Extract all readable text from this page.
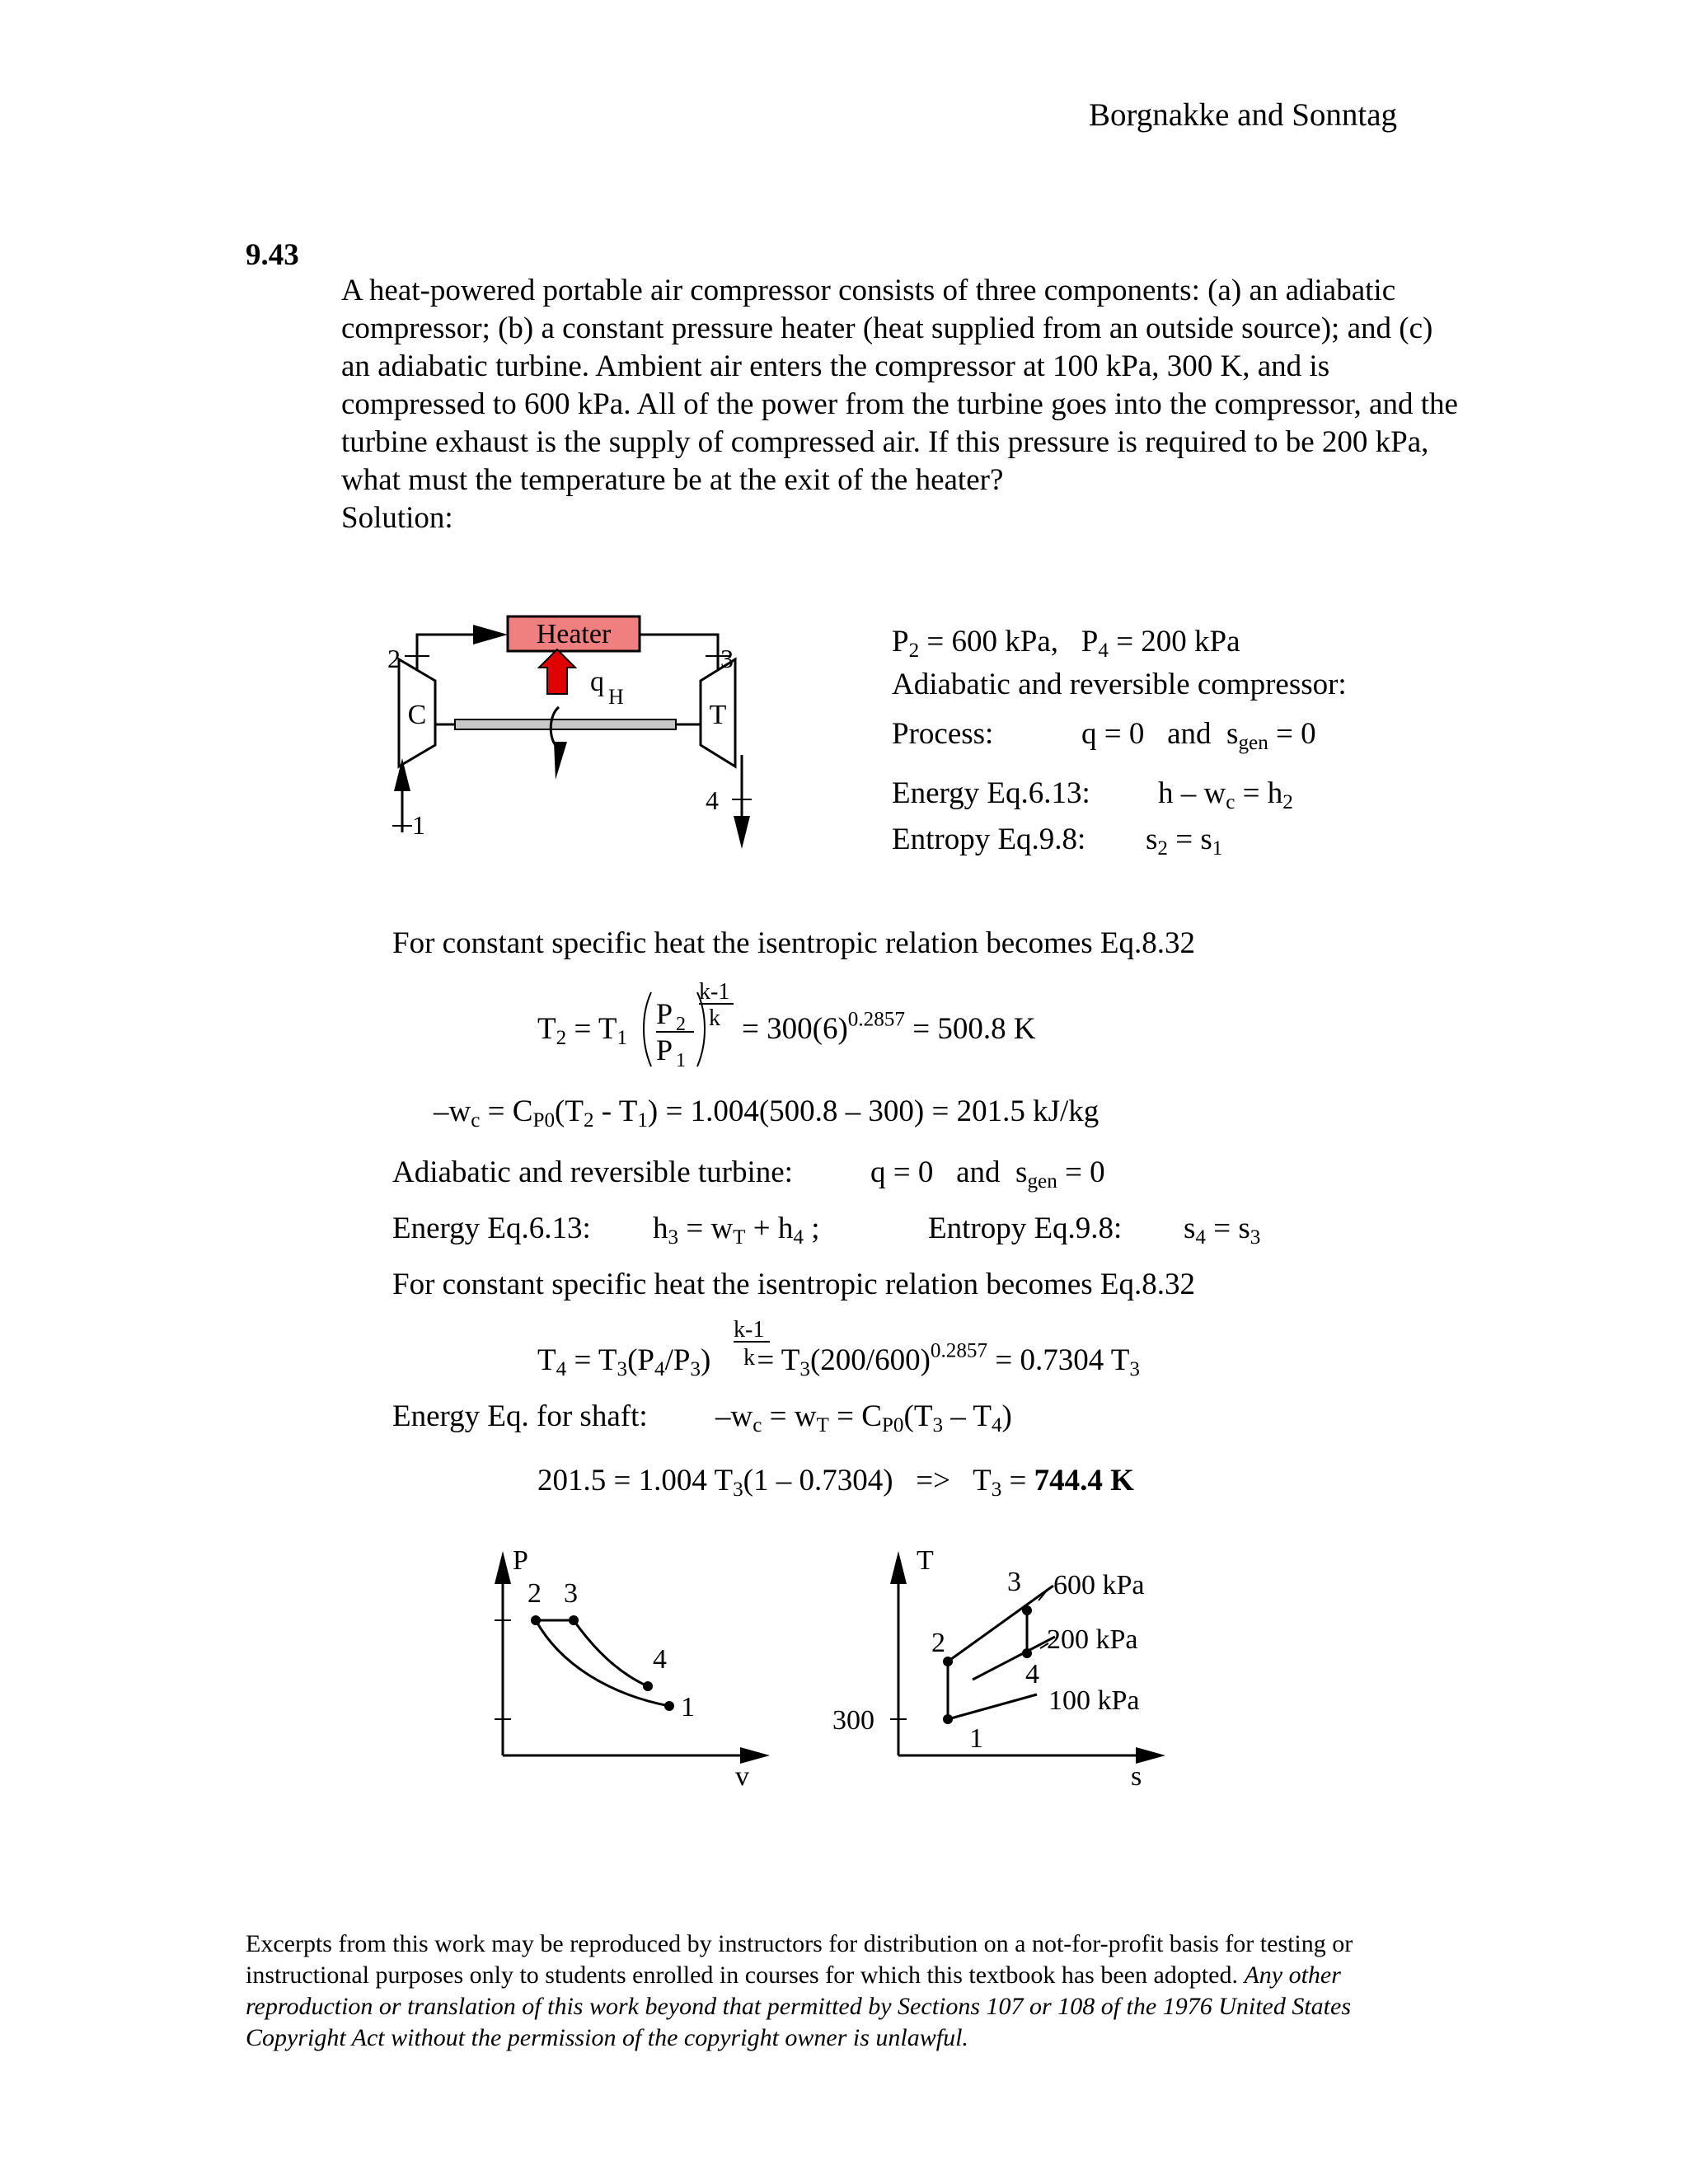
Borgnakke and Sonntag
9.43
A heat-powered portable air compressor consists of three components: (a) an adiabatic compressor; (b) a constant pressure heater (heat supplied from an outside source); and (c) an adiabatic turbine. Ambient air enters the compressor at 100 kPa, 300 K, and is compressed to 600 kPa. All of the power from the turbine goes into the compressor, and the turbine exhaust is the supply of compressed air. If this pressure is required to be 200 kPa, what must the temperature be at the exit of the heater?
Solution:
C	T
Heater
q H
1
2	3
4
$P_2 = 600$ kPa,   $P_4 = 200$ kPa
Adiabatic and reversible compressor:
Process:	q = 0   and  $s_{gen} = 0$
Energy Eq.6.13: $h - w_c = h_2$
Entropy Eq.9.8: $s_2 = s_1$
For constant specific heat the isentropic relation becomes Eq.8.32
$T_2 = T_1$
P 2
P 1
k-1
$k = 300(6)^{0.2857} = 500.8$ K
$-w_c = C_{P0}(T_2 - T_1) = 1.004(500.8 - 300) = 201.5$ kJ/kg
Adiabatic and reversible turbine:	q = 0   and  $s_{gen} = 0$
Energy Eq.6.13: $h_3 = w_T + h_4$ ;	Entropy Eq.9.8: $s_4 = s_3$
For constant specific heat the isentropic relation becomes Eq.8.32
k-1
k
$T_4 = T_3(P_4/P_3) = T_3(200/600)^{0.2857} = 0.7304$ $T_3$
Energy Eq. for shaft: $-w_c = w_T = C_{P0}(T_3 - T_4)$
201.5 = 1.004 $T_3(1 - 0.7304) => T_3 = 744.4$ K
P
v
2 3
4
1	300
T
s
3
2
4
1
600 kPa
200 kPa
100 kPa
Excerpts from this work may be reproduced by instructors for distribution on a not-for-profit basis for testing or instructional purposes only to students enrolled in courses for which this textbook has been adopted. Any other reproduction or translation of this work beyond that permitted by Sections 107 or 108 of the 1976 United States Copyright Act without the permission of the copyright owner is unlawful.
